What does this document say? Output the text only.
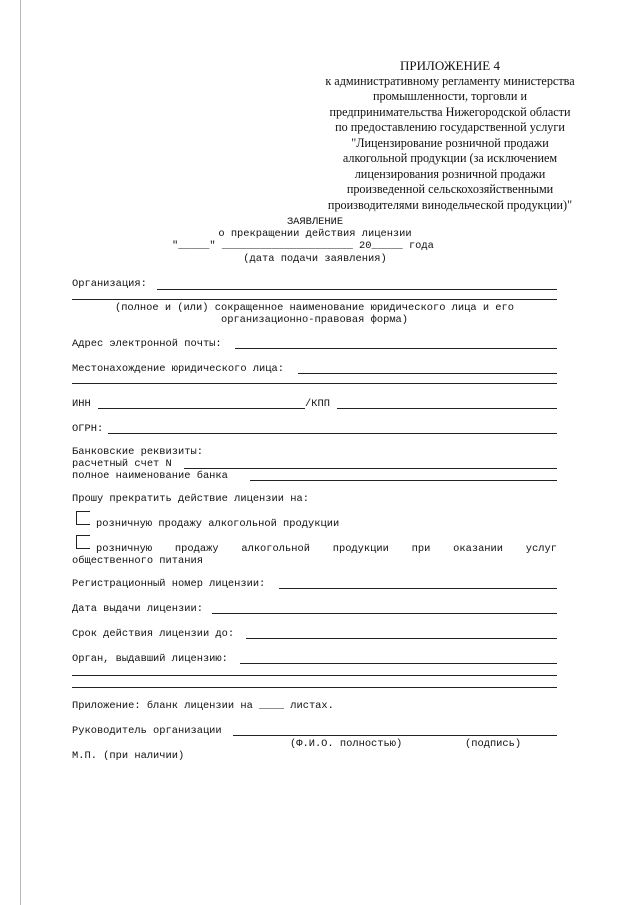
ПРИЛОЖЕНИЕ 4
к административному регламенту министерства
промышленности, торговли и
предпринимательства Нижегородской области
по предоставлению государственной услуги
"Лицензирование розничной продажи
алкогольной продукции (за исключением
лицензирования розничной продажи
произведенной сельскохозяйственными
производителями винодельческой продукции)"
ЗАЯВЛЕНИЕ
о прекращении действия лицензии
"_____" _____________________ 20_____ года
(дата подачи заявления)
Организация:
(полное и (или) сокращенное наименование юридического лица и его
организационно-правовая форма)
Адрес электронной почты:
Местонахождение юридического лица:
ИНН	/КПП
ОГРН:
Банковские реквизиты:
расчетный счет N
полное наименование банка
Прошу прекратить действие лицензии на:
розничную продажу алкогольной продукции
розничную продажу алкогольной продукции при оказании услуг
общественного питания
Регистрационный номер лицензии:
Дата выдачи лицензии:
Срок действия лицензии до:
Орган, выдавший лицензию:
Приложение: бланк лицензии на ____ листах.
Руководитель организации
(Ф.И.О. полностью)	(подпись)
М.П. (при наличии)
